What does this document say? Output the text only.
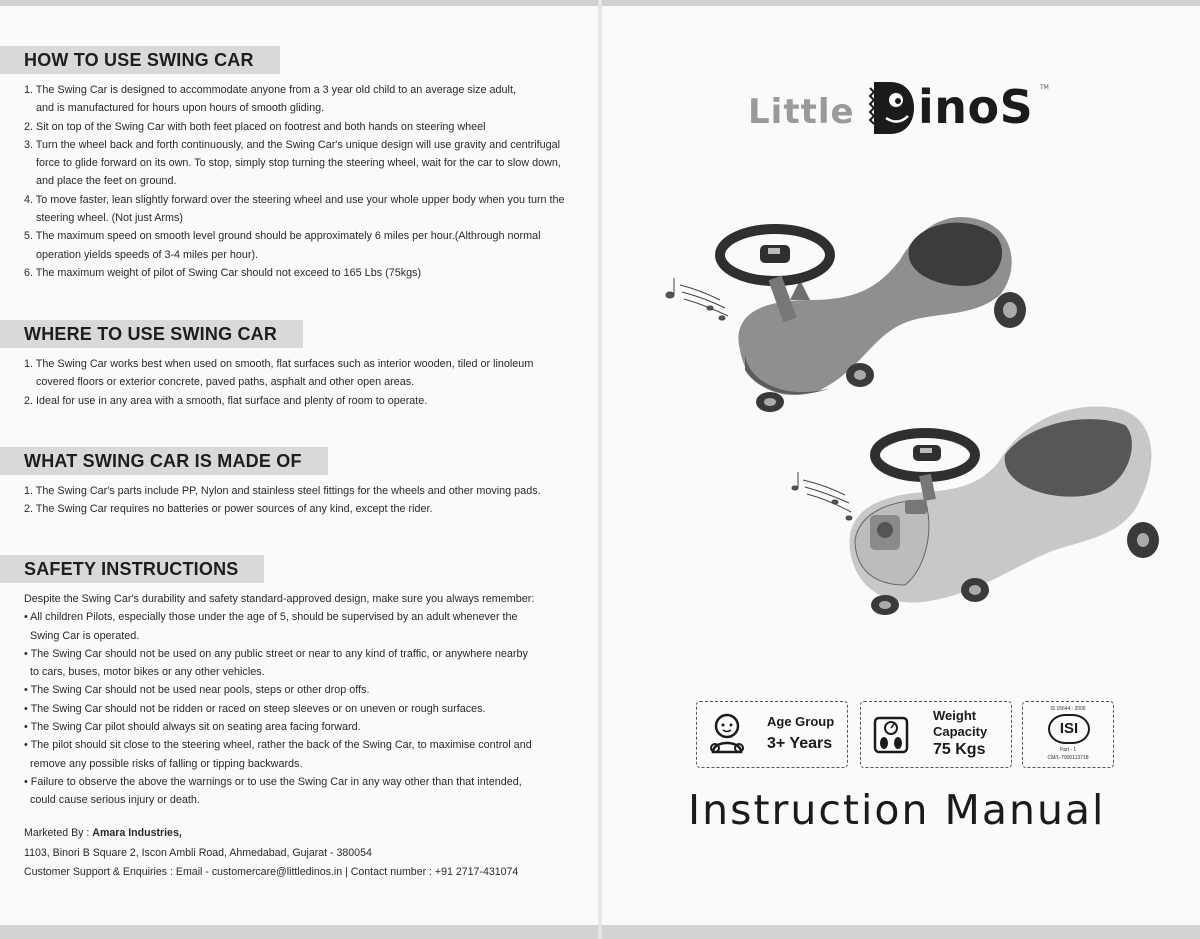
HOW TO USE SWING CAR
1. The Swing Car is designed to accommodate anyone from a 3 year old child to an average size adult,
and is manufactured for hours upon hours of smooth gliding.
2. Sit on top of the Swing Car with both feet placed on footrest and both hands on steering wheel
3. Turn the wheel back and forth continuously, and the Swing Car's unique design will use gravity and centrifugal
force to glide forward on its own. To stop, simply stop turning the steering wheel, wait for the car to slow down,
and place the feet on ground.
4. To move faster, lean slightly forward over the steering wheel and use your whole upper body when you turn the
steering wheel. (Not just Arms)
5. The maximum speed on smooth level ground should be approximately 6 miles per hour.(Althrough normal
operation yields speeds of 3-4 miles per hour).
6. The maximum weight of pilot of Swing Car should not exceed to 165 Lbs (75kgs)
WHERE TO USE SWING CAR
1. The Swing Car works best when used on smooth, flat surfaces such as interior wooden, tiled or linoleum
covered floors or exterior concrete, paved paths, asphalt and other open areas.
2. Ideal for use in any area with a smooth, flat surface and plenty of room to operate.
WHAT SWING CAR IS MADE OF
1. The Swing Car's parts include PP, Nylon and stainless steel fittings for the wheels and other moving pads.
2. The Swing Car requires no batteries or power sources of any kind, except the rider.
SAFETY INSTRUCTIONS
Despite the Swing Car's durability and safety standard-approved design, make sure you always remember:
• All children Pilots, especially those under the age of 5, should be supervised by an adult whenever the
Swing Car is operated.
• The Swing Car should not be used on any public street or near to any kind of traffic, or anywhere nearby
to cars, buses, motor bikes or any other vehicles.
• The Swing Car should not be used near pools, steps or other drop offs.
• The Swing Car should not be ridden or raced on steep sleeves or on uneven or rough surfaces.
• The Swing Car pilot should always sit on seating area facing forward.
• The pilot should sit close to the steering wheel, rather the back of the Swing Car, to maximise control and
remove any possible risks of falling or tipping backwards.
• Failure to observe the above the warnings or to use the Swing Car in any way other than that intended,
could cause serious injury or death.
Marketed By : Amara Industries,
1103, Binori B Square 2, Iscon Ambli Road, Ahmedabad, Gujarat - 380054
Customer Support & Enquiries : Email - customercare@littledinos.in | Contact number : +91 2717-431074
Little inoS TM
Age Group
3+ Years
Weight
Capacity
75 Kgs
IS 15644 : 2006
ISI
Part - 1
CM/L-7900113718
Instruction Manual
